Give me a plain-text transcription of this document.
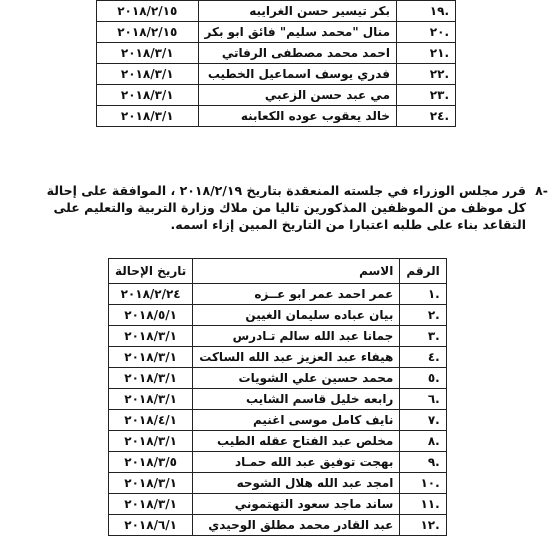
.١٩	بكر تيسير حسن الغرايبه	٢٠١٨/٢/١٥
.٢٠	منال "محمد سليم" فائق ابو بكر	٢٠١٨/٢/١٥
.٢١	احمد محمد مصطفى الرفاتي	٢٠١٨/٣/١
.٢٢	فدري يوسف اسماعيل الخطيب	٢٠١٨/٣/١
.٢٣	مي عبد حسن الزعبي	٢٠١٨/٣/١
.٢٤	خالد يعقوب عوده الكعابنه	٢٠١٨/٣/١
-٨
قرر مجلس الوزراء في جلسته المنعقدة بتاريخ ٢٠١٨/٢/١٩ ، الموافقة على إحالة كل موظف من الموظفين المذكورين تاليا من ملاك وزارة التربية والتعليم على التقاعد بناء على طلبه اعتبارا من التاريخ المبين إزاء اسمه.
الرقم	الاسم	تاريخ الإحالة
.١	عمر احمد عمر ابو عــزه	٢٠١٨/٢/٢٤
.٢	بيان عباده سليمان الغيين	٢٠١٨/٥/١
.٣	جمانا عبد الله سالم تـادرس	٢٠١٨/٣/١
.٤	هيفاء عبد العزيز عبد الله الساكت	٢٠١٨/٣/١
.٥	محمد حسين علي الشويات	٢٠١٨/٣/١
.٦	رابعه خليل قاسم الشايب	٢٠١٨/٣/١
.٧	نايف كامل موسى اغنيم	٢٠١٨/٤/١
.٨	مخلص عبد الفتاح عقله الطيب	٢٠١٨/٣/١
.٩	بهجت توفيق عبد الله حمـاد	٢٠١٨/٣/٥
.١٠	امجد عبد الله هلال الشوحه	٢٠١٨/٣/١
.١١	ساند ماجد سعود التهتموني	٢٠١٨/٣/١
.١٢	عبد القادر محمد مطلق الوحيدي	٢٠١٨/٦/١
